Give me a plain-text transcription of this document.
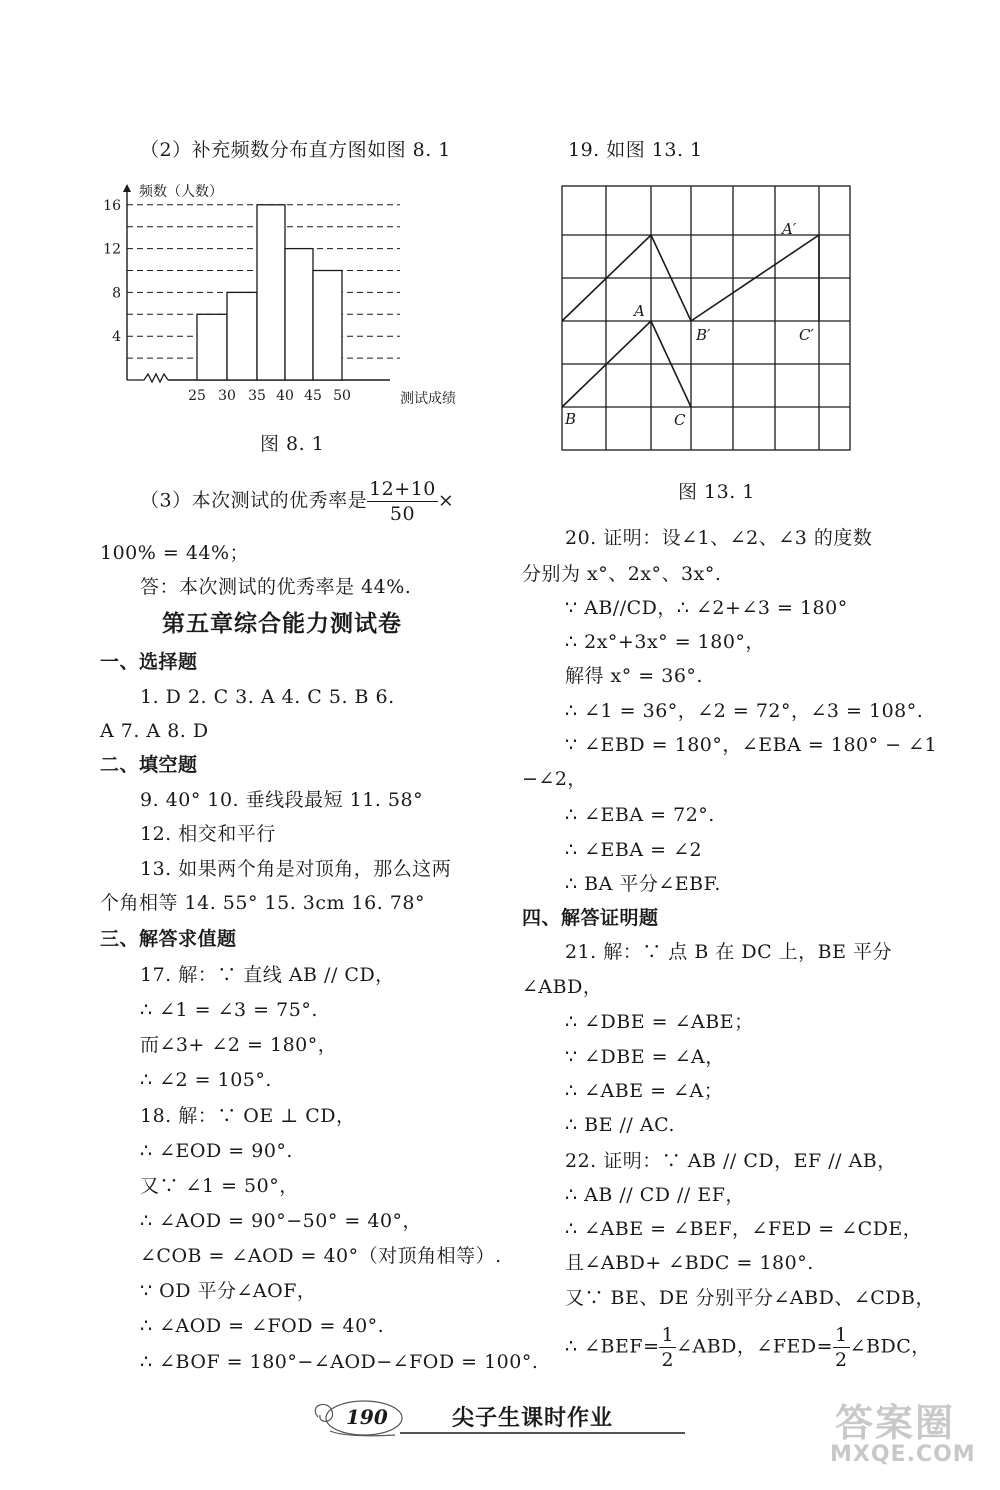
（2）补充频数分布直方图如图 8. 1
4
8
12
16
25 30 35 40 45 50
频数（人数）
测试成绩
图 8. 1
（3）本次测试的优秀率是 $\frac{12+10}{50}$ ×
100% = 44%；
答：本次测试的优秀率是 44%.
第五章综合能力测试卷
一、选择题
1. D 2. C 3. A 4. C 5. B 6.
A 7. A 8. D
二、填空题
9. 40° 10. 垂线段最短 11. 58°
12. 相交和平行
13. 如果两个角是对顶角，那么这两
个角相等 14. 55° 15. 3cm 16. 78°
三、解答求值题
17. 解：∵ 直线 AB // CD，
∴ ∠1 = ∠3 = 75°.
而∠3+ ∠2 = 180°，
∴ ∠2 = 105°.
18. 解：∵ OE ⊥ CD，
∴ ∠EOD = 90°.
又∵ ∠1 = 50°，
∴ ∠AOD = 90°−50° = 40°，
∠COB = ∠AOD = 40°（对顶角相等）.
∵ OD 平分∠AOF，
∴ ∠AOD = ∠FOD = 40°.
∴ ∠BOF = 180°−∠AOD−∠FOD = 100°.
19. 如图 13. 1
A
B	C
A′
B′	C′
图 13. 1
20. 证明：设∠1、∠2、∠3 的度数
分别为 x°、2x°、3x°.
∵ AB//CD，∴ ∠2+∠3 = 180°
∴ 2x°+3x° = 180°，
解得 x° = 36°.
∴ ∠1 = 36°，∠2 = 72°，∠3 = 108°.
∵ ∠EBD = 180°，∠EBA = 180° − ∠1
−∠2，
∴ ∠EBA = 72°.
∴ ∠EBA = ∠2
∴ BA 平分∠EBF.
四、解答证明题
21. 解：∵ 点 B 在 DC 上，BE 平分
∠ABD，
∴ ∠DBE = ∠ABE；
∵ ∠DBE = ∠A，
∴ ∠ABE = ∠A；
∴ BE // AC.
22. 证明：∵ AB // CD，EF // AB，
∴ AB // CD // EF，
∴ ∠ABE = ∠BEF，∠FED = ∠CDE，
且∠ABD+ ∠BDC = 180°.
又∵ BE、DE 分别平分∠ABD、∠CDB，
∴ ∠BEF= $\frac{1}{2}$ ∠ABD，∠FED= $\frac{1}{2}$ ∠BDC，
190	尖子生课时作业	答案圈
MXQE.COM
